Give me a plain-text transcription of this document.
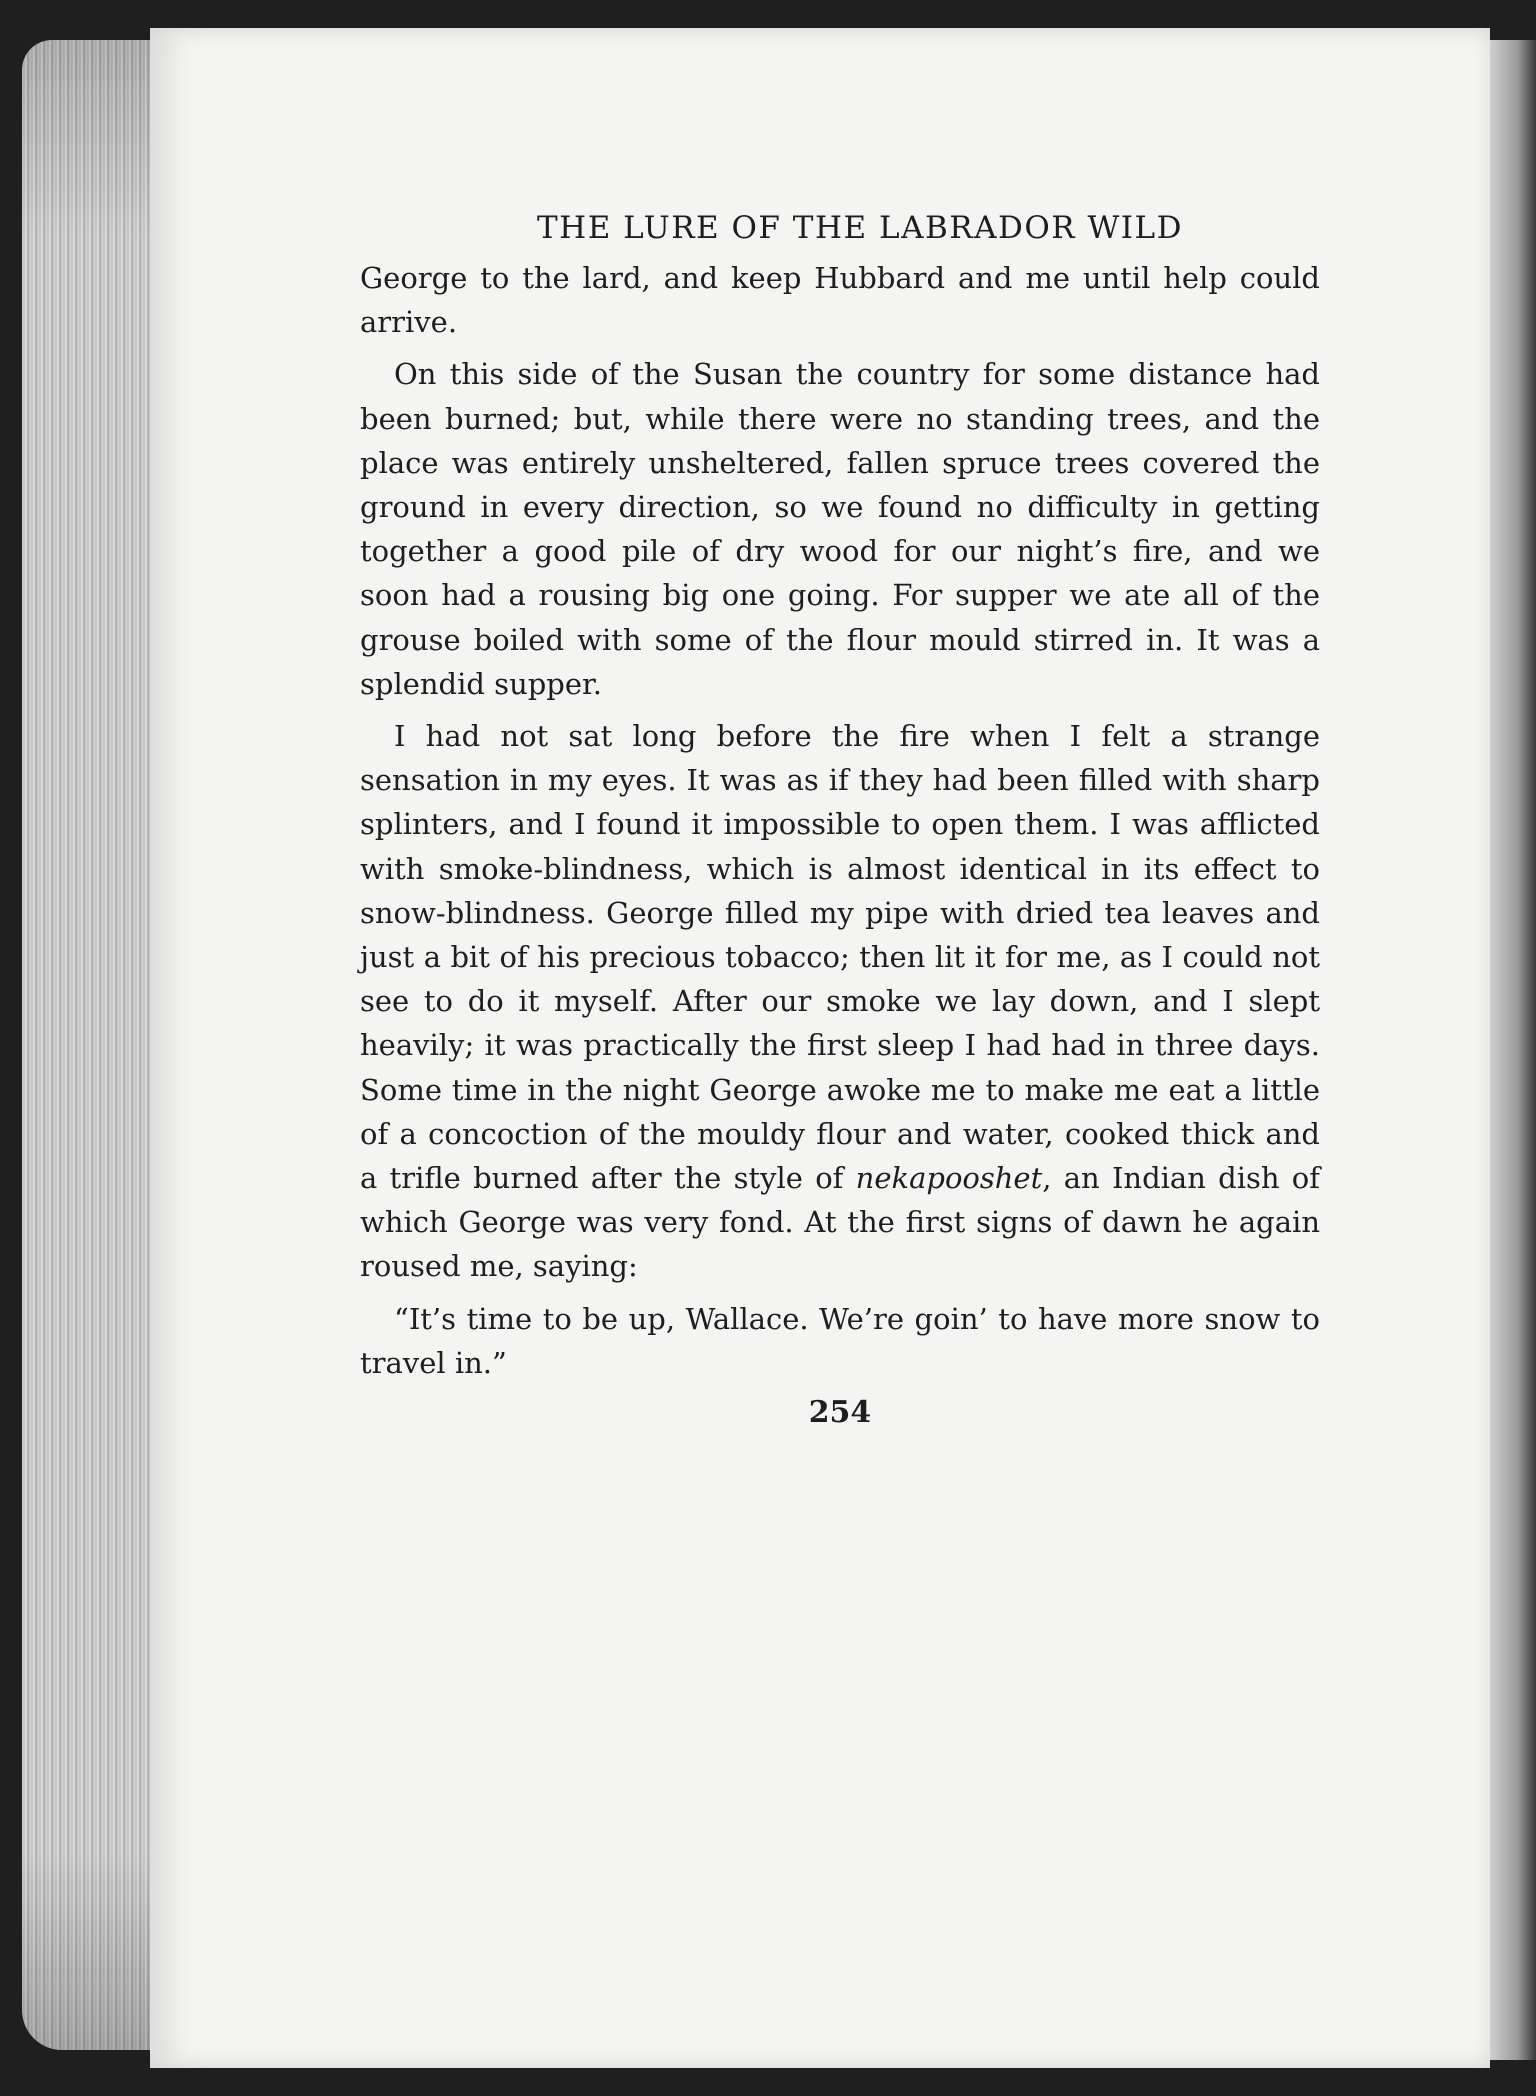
THE LURE OF THE LABRADOR WILD

George to the lard, and keep Hubbard and me until help could arrive.

On this side of the Susan the country for some distance had been burned; but, while there were no standing trees, and the place was entirely unsheltered, fallen spruce trees covered the ground in every direction, so we found no difficulty in getting together a good pile of dry wood for our night’s fire, and we soon had a rousing big one going. For supper we ate all of the grouse boiled with some of the flour mould stirred in. It was a splendid supper.

I had not sat long before the fire when I felt a strange sensation in my eyes. It was as if they had been filled with sharp splinters, and I found it impossible to open them. I was afflicted with smoke-blindness, which is almost identical in its effect to snow-blindness. George filled my pipe with dried tea leaves and just a bit of his precious tobacco; then lit it for me, as I could not see to do it myself. After our smoke we lay down, and I slept heavily; it was practically the first sleep I had had in three days. Some time in the night George awoke me to make me eat a little of a concoction of the mouldy flour and water, cooked thick and a trifle burned after the style of nekapooshet, an Indian dish of which George was very fond. At the first signs of dawn he again roused me, saying:

“It’s time to be up, Wallace. We’re goin’ to have more snow to travel in.”

254
